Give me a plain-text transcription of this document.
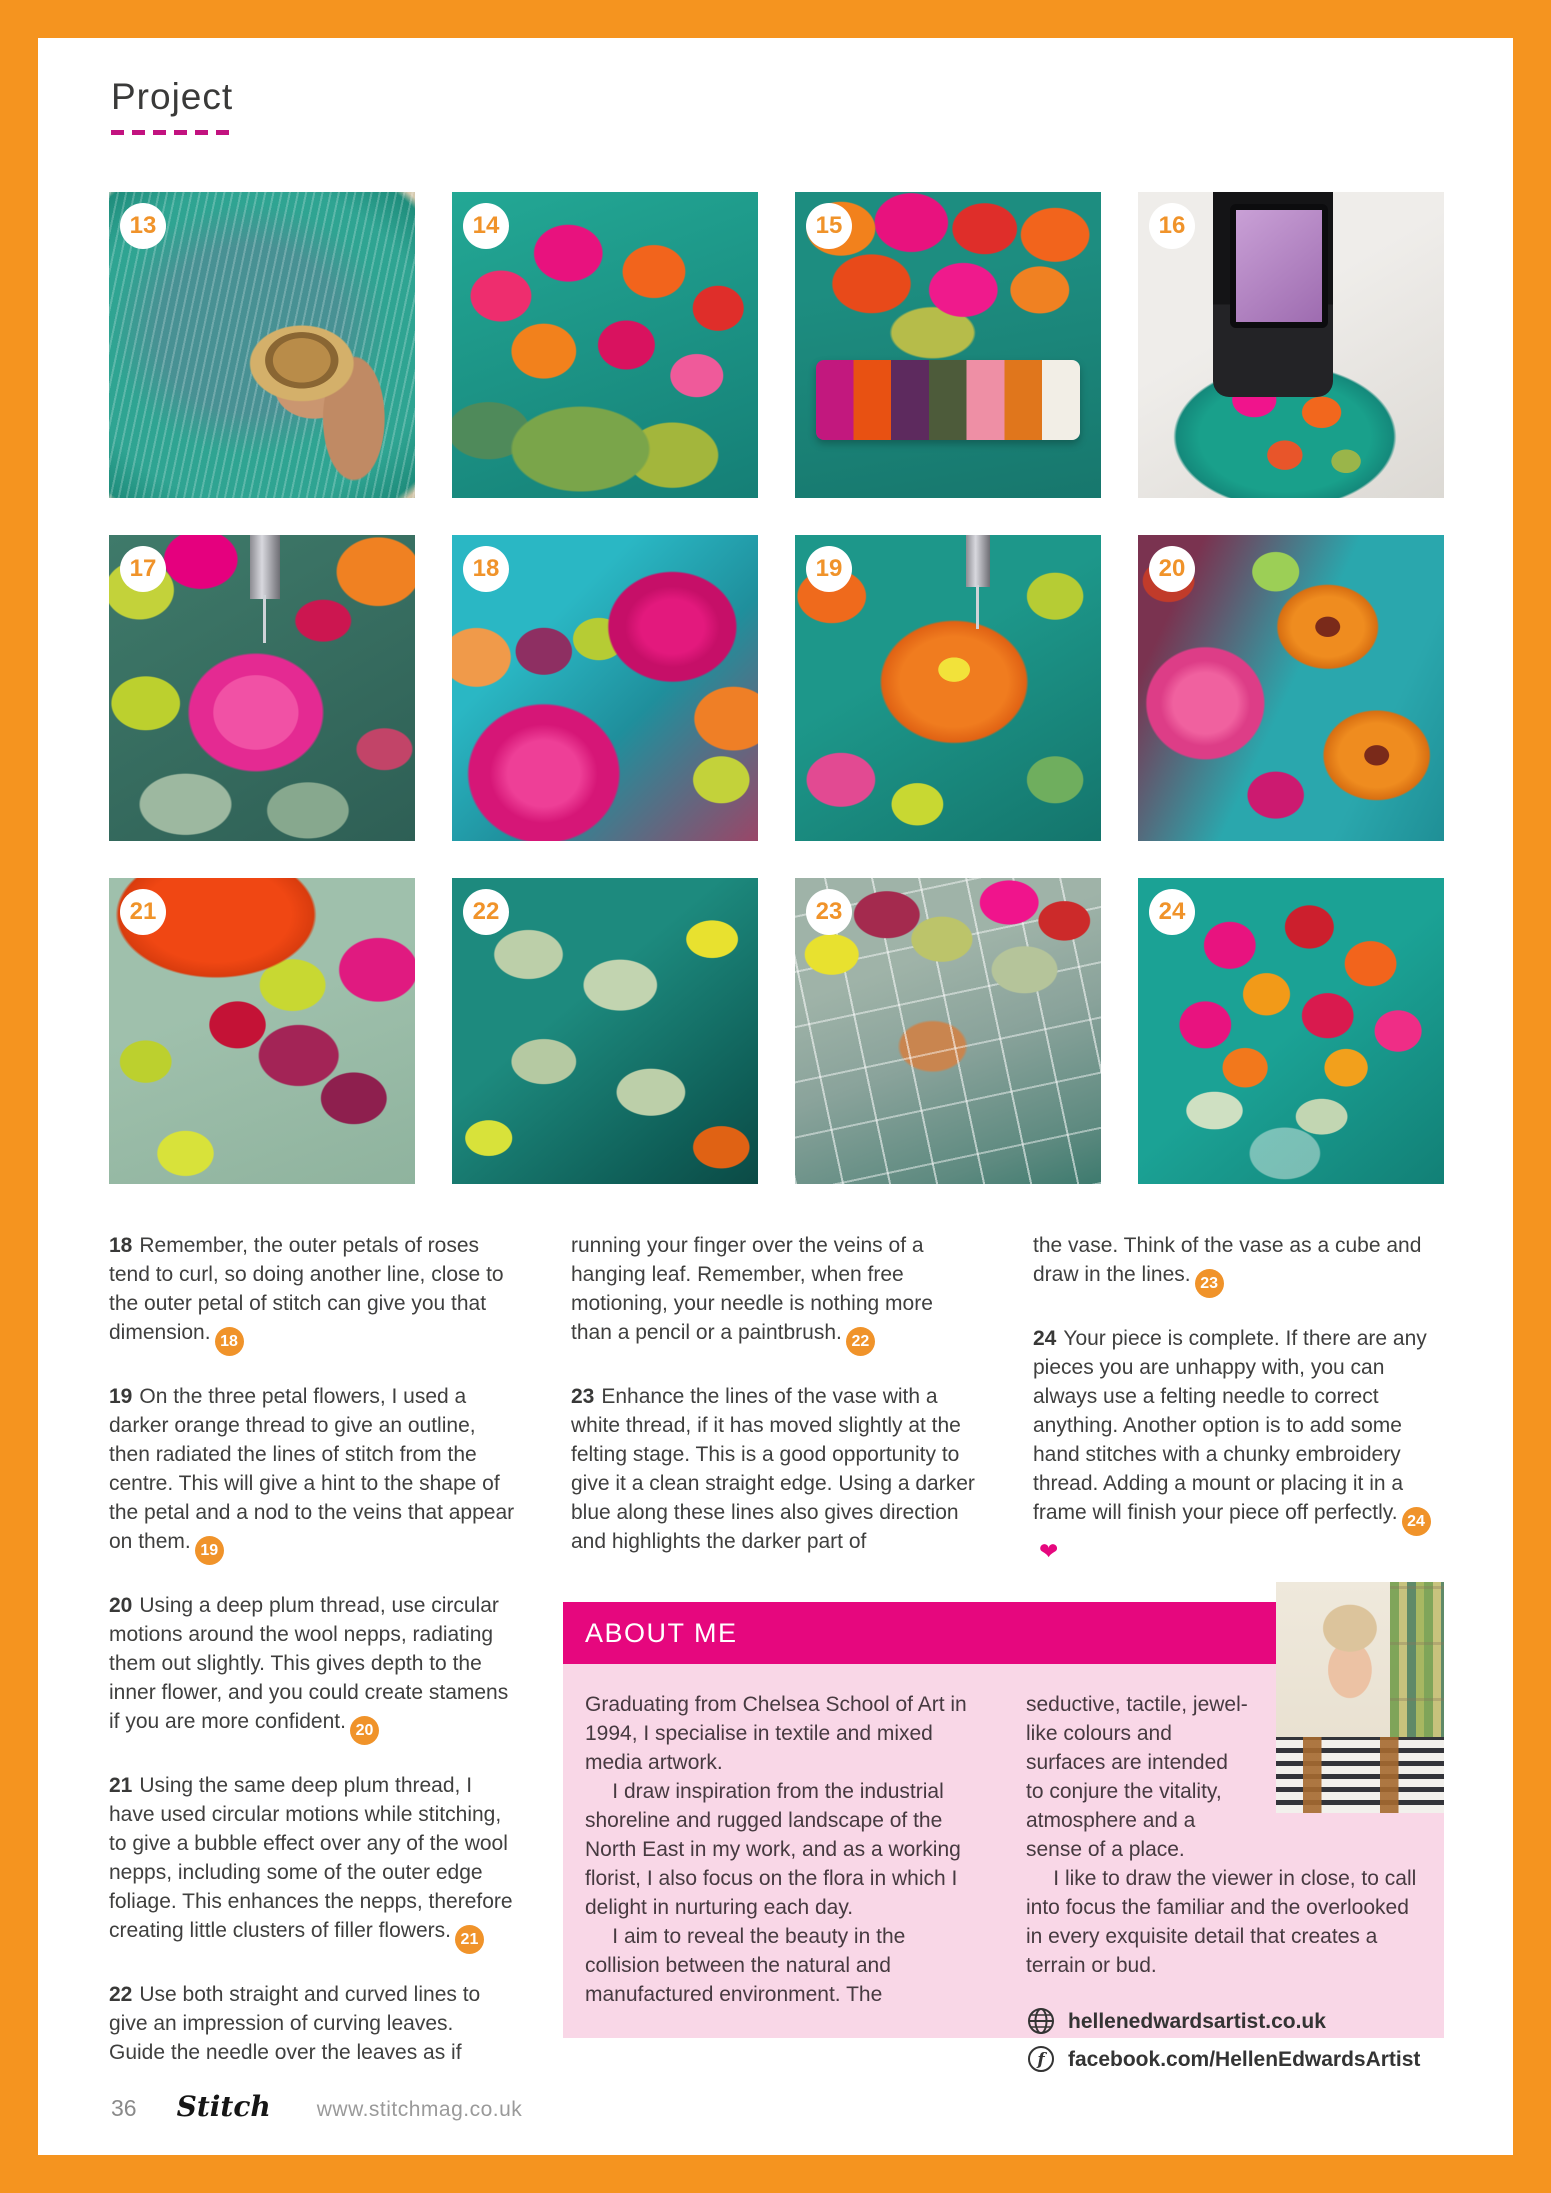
Project
13	14	15	16
17	18	19	20
21	22	23	24

18 Remember, the outer petals of roses tend to curl, so doing another line, close to the outer petal of stitch can give you that dimension. 18

19 On the three petal flowers, I used a darker orange thread to give an outline, then radiated the lines of stitch from the centre. This will give a hint to the shape of the petal and a nod to the veins that appear on them. 19

20 Using a deep plum thread, use circular motions around the wool nepps, radiating them out slightly. This gives depth to the inner flower, and you could create stamens if you are more confident. 20

21 Using the same deep plum thread, I have used circular motions while stitching, to give a bubble effect over any of the wool nepps, including some of the outer edge foliage. This enhances the nepps, therefore creating little clusters of filler flowers. 21

22 Use both straight and curved lines to give an impression of curving leaves. Guide the needle over the leaves as if

running your finger over the veins of a hanging leaf. Remember, when free motioning, your needle is nothing more than a pencil or a paintbrush. 22

23 Enhance the lines of the vase with a white thread, if it has moved slightly at the felting stage. This is a good opportunity to give it a clean straight edge. Using a darker blue along these lines also gives direction and highlights the darker part of

the vase. Think of the vase as a cube and draw in the lines. 23

24 Your piece is complete. If there are any pieces you are unhappy with, you can always use a felting needle to correct anything. Another option is to add some hand stitches with a chunky embroidery thread. Adding a mount or placing it in a frame will finish your piece off perfectly. 24❤

ABOUT ME

Graduating from Chelsea School of Art in 1994, I specialise in textile and mixed media artwork.

I draw inspiration from the industrial shoreline and rugged landscape of the North East in my work, and as a working florist, I also focus on the flora in which I delight in nurturing each day.

I aim to reveal the beauty in the collision between the natural and manufactured environment. The

seductive, tactile, jewel-like colours and surfaces are intended to conjure the vitality, atmosphere and a sense of a place.

I like to draw the viewer in close, to call into focus the familiar and the overlooked in every exquisite detail that creates a terrain or bud.

hellenedwardsartist.co.uk
f facebook.com/HellenEdwardsArtist
36 Stitch www.stitchmag.co.uk
